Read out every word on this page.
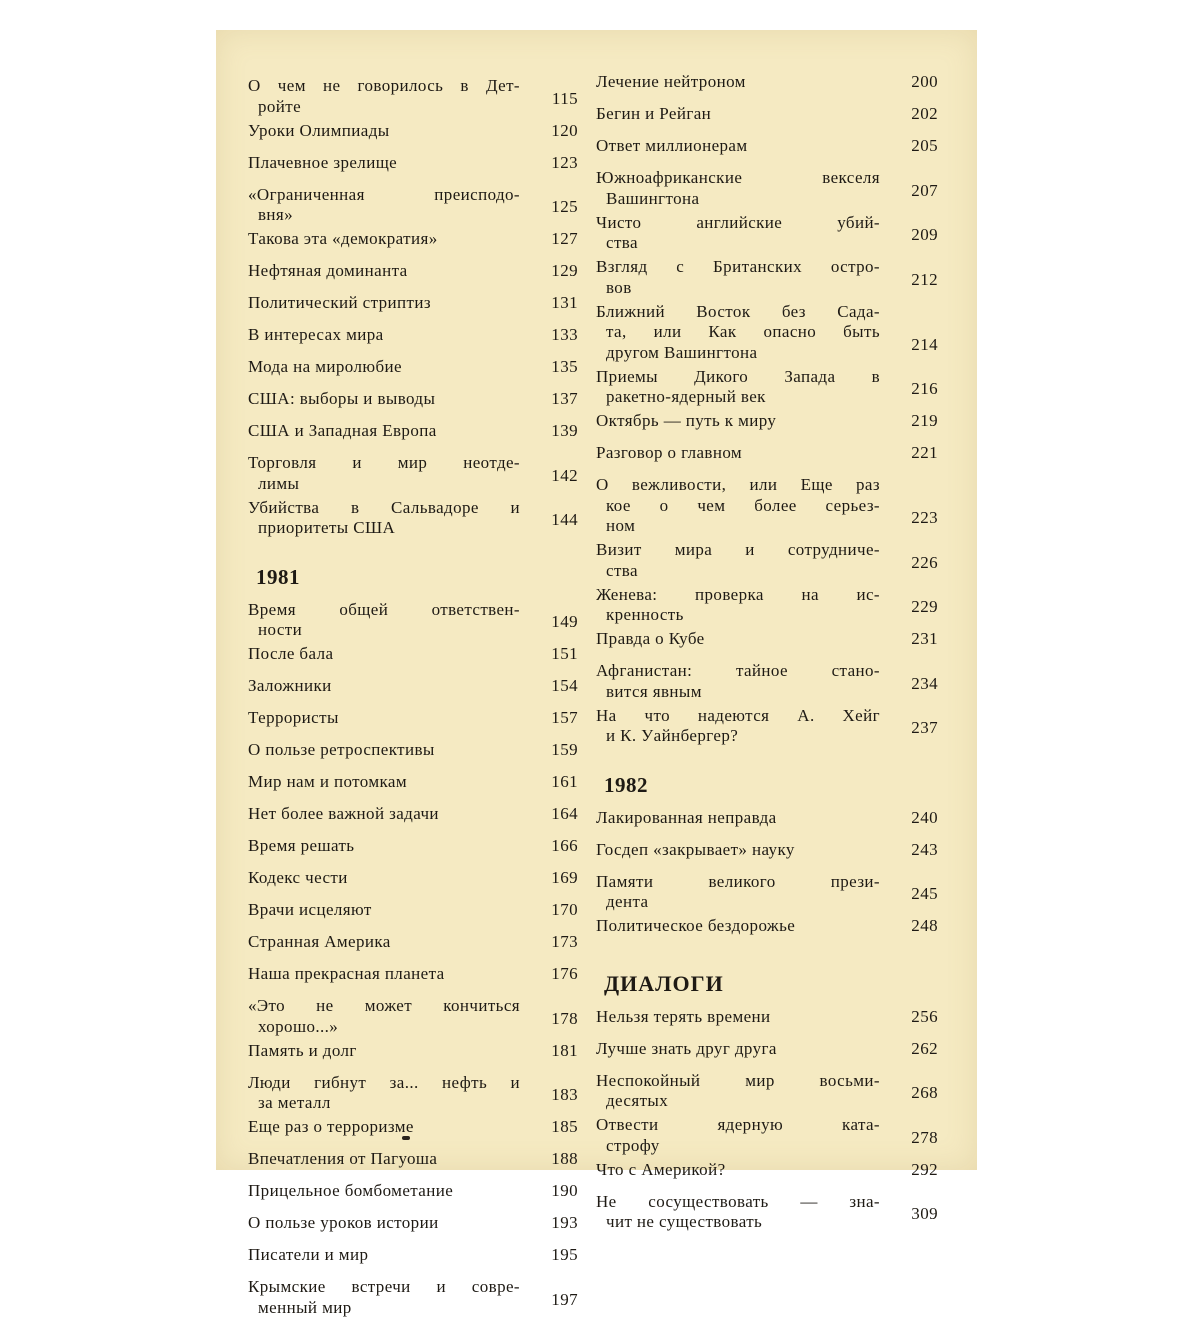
О чем не говорилось в Дет-
ройте	115
Уроки Олимпиады	120
Плачевное зрелище	123
«Ограниченная преисподо-
вня»	125
Такова эта «демократия»	127
Нефтяная доминанта	129
Политический стриптиз	131
В интересах мира	133
Мода на миролюбие	135
США: выборы и выводы	137
США и Западная Европа	139
Торговля и мир неотде-
лимы	142
Убийства в Сальвадоре и
приоритеты США	144
1981
Время общей ответствен-
ности	149
После бала	151
Заложники	154
Террористы	157
О пользе ретроспективы	159
Мир нам и потомкам	161
Нет более важной задачи	164
Время решать	166
Кодекс чести	169
Врачи исцеляют	170
Странная Америка	173
Наша прекрасная планета	176
«Это не может кончиться
хорошо...»	178
Память и долг	181
Люди гибнут за... нефть и
за металл	183
Еще раз о терроризме	185
Впечатления от Пагуоша	188
Прицельное бомбометание	190
О пользе уроков истории	193
Писатели и мир	195
Крымские встречи и совре-
менный мир	197
Лечение нейтроном	200
Бегин и Рейган	202
Ответ миллионерам	205
Южноафриканские векселя
Вашингтона	207
Чисто английские убий-
ства	209
Взгляд с Британских остро-
вов	212
Ближний Восток без Сада-
та, или Как опасно быть
другом Вашингтона	214
Приемы Дикого Запада в
ракетно-ядерный век	216
Октябрь — путь к миру	219
Разговор о главном	221
О вежливости, или Еще раз
кое о чем более серьез-
ном	223
Визит мира и сотрудниче-
ства	226
Женева: проверка на ис-
кренность	229
Правда о Кубе	231
Афганистан: тайное стано-
вится явным	234
На что надеются А. Хейг
и К. Уайнбергер?	237
1982
Лакированная неправда	240
Госдеп «закрывает» науку	243
Памяти великого прези-
дента	245
Политическое бездорожье	248
ДИАЛОГИ
Нельзя терять времени	256
Лучше знать друг друга	262
Неспокойный мир восьми-
десятых	268
Отвести ядерную ката-
строфу	278
Что с Америкой?	292
Не сосуществовать — зна-
чит не существовать	309
